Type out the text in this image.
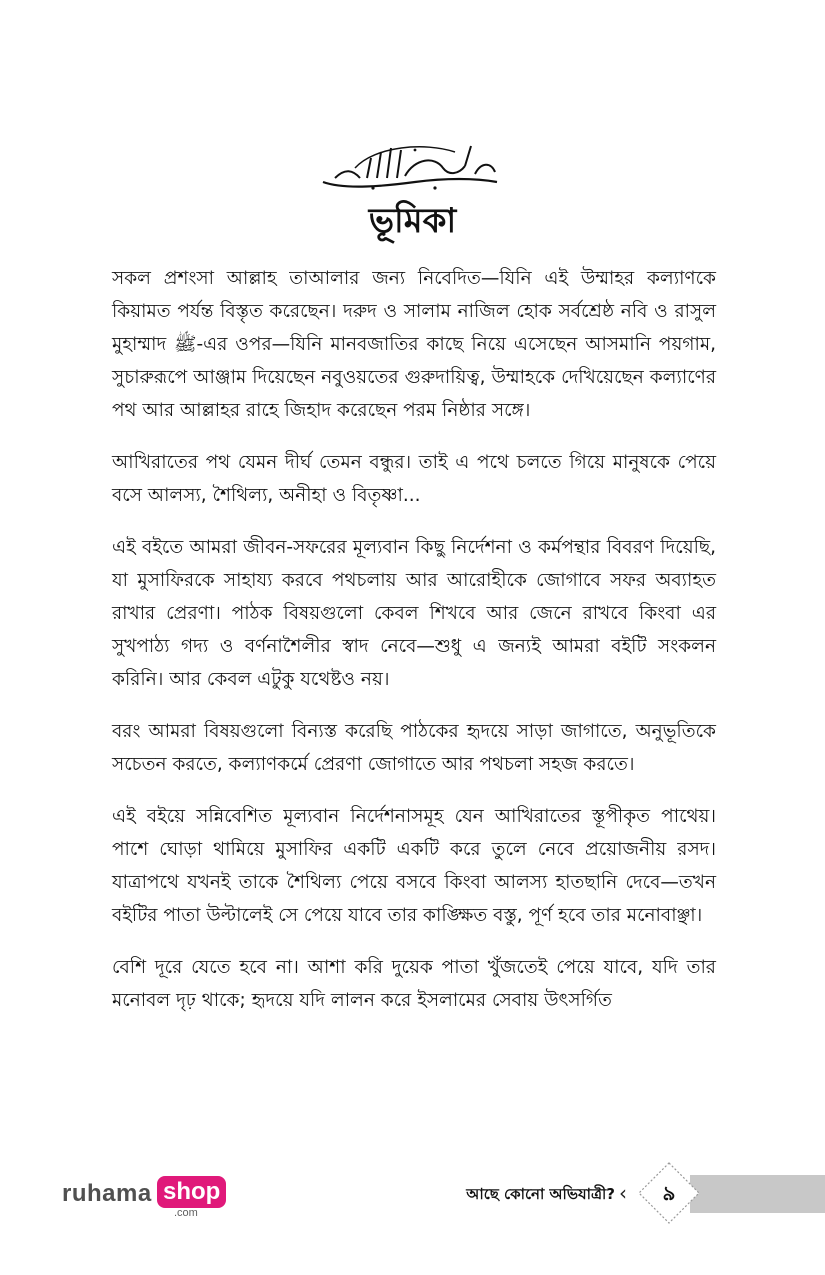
بِسْمِ ٱللَّٰهِ ٱلرَّحْمَٰنِ ٱلرَّحِيمِ
ভূমিকা

সকল প্রশংসা আল্লাহ তাআলার জন্য নিবেদিত—যিনি এই উম্মাহর কল্যাণকে কিয়ামত পর্যন্ত বিস্তৃত করেছেন। দরুদ ও সালাম নাজিল হোক সর্বশ্রেষ্ঠ নবি ও রাসুল মুহাম্মাদ ﷺ-এর ওপর—যিনি মানবজাতির কাছে নিয়ে এসেছেন আসমানি পয়গাম, সুচারুরূপে আঞ্জাম দিয়েছেন নবুওয়তের গুরুদায়িত্ব, উম্মাহকে দেখিয়েছেন কল্যাণের পথ আর আল্লাহর রাহে জিহাদ করেছেন পরম নিষ্ঠার সঙ্গে।

আখিরাতের পথ যেমন দীর্ঘ তেমন বন্ধুর। তাই এ পথে চলতে গিয়ে মানুষকে পেয়ে বসে আলস্য, শৈথিল্য, অনীহা ও বিতৃষ্ণা...

এই বইতে আমরা জীবন-সফরের মূল্যবান কিছু নির্দেশনা ও কর্মপন্থার বিবরণ দিয়েছি, যা মুসাফিরকে সাহায্য করবে পথচলায় আর আরোহীকে জোগাবে সফর অব্যাহত রাখার প্রেরণা। পাঠক বিষয়গুলো কেবল শিখবে আর জেনে রাখবে কিংবা এর সুখপাঠ্য গদ্য ও বর্ণনাশৈলীর স্বাদ নেবে—শুধু এ জন্যই আমরা বইটি সংকলন করিনি। আর কেবল এটুকু যথেষ্টও নয়।

বরং আমরা বিষয়গুলো বিন্যস্ত করেছি পাঠকের হৃদয়ে সাড়া জাগাতে, অনুভূতিকে সচেতন করতে, কল্যাণকর্মে প্রেরণা জোগাতে আর পথচলা সহজ করতে।

এই বইয়ে সন্নিবেশিত মূল্যবান নির্দেশনাসমূহ যেন আখিরাতের স্তূপীকৃত পাথেয়। পাশে ঘোড়া থামিয়ে মুসাফির একটি একটি করে তুলে নেবে প্রয়োজনীয় রসদ। যাত্রাপথে যখনই তাকে শৈথিল্য পেয়ে বসবে কিংবা আলস্য হাতছানি দেবে—তখন বইটির পাতা উল্টালেই সে পেয়ে যাবে তার কাঙ্ক্ষিত বস্তু, পূর্ণ হবে তার মনোবাঞ্ছা।

বেশি দূরে যেতে হবে না। আশা করি দুয়েক পাতা খুঁজতেই পেয়ে যাবে, যদি তার মনোবল দৃঢ় থাকে; হৃদয়ে যদি লালন করে ইসলামের সেবায় উৎসর্গিত

ruhama shop
.com
আছে কোনো অভিযাত্রী? ‹	৯
